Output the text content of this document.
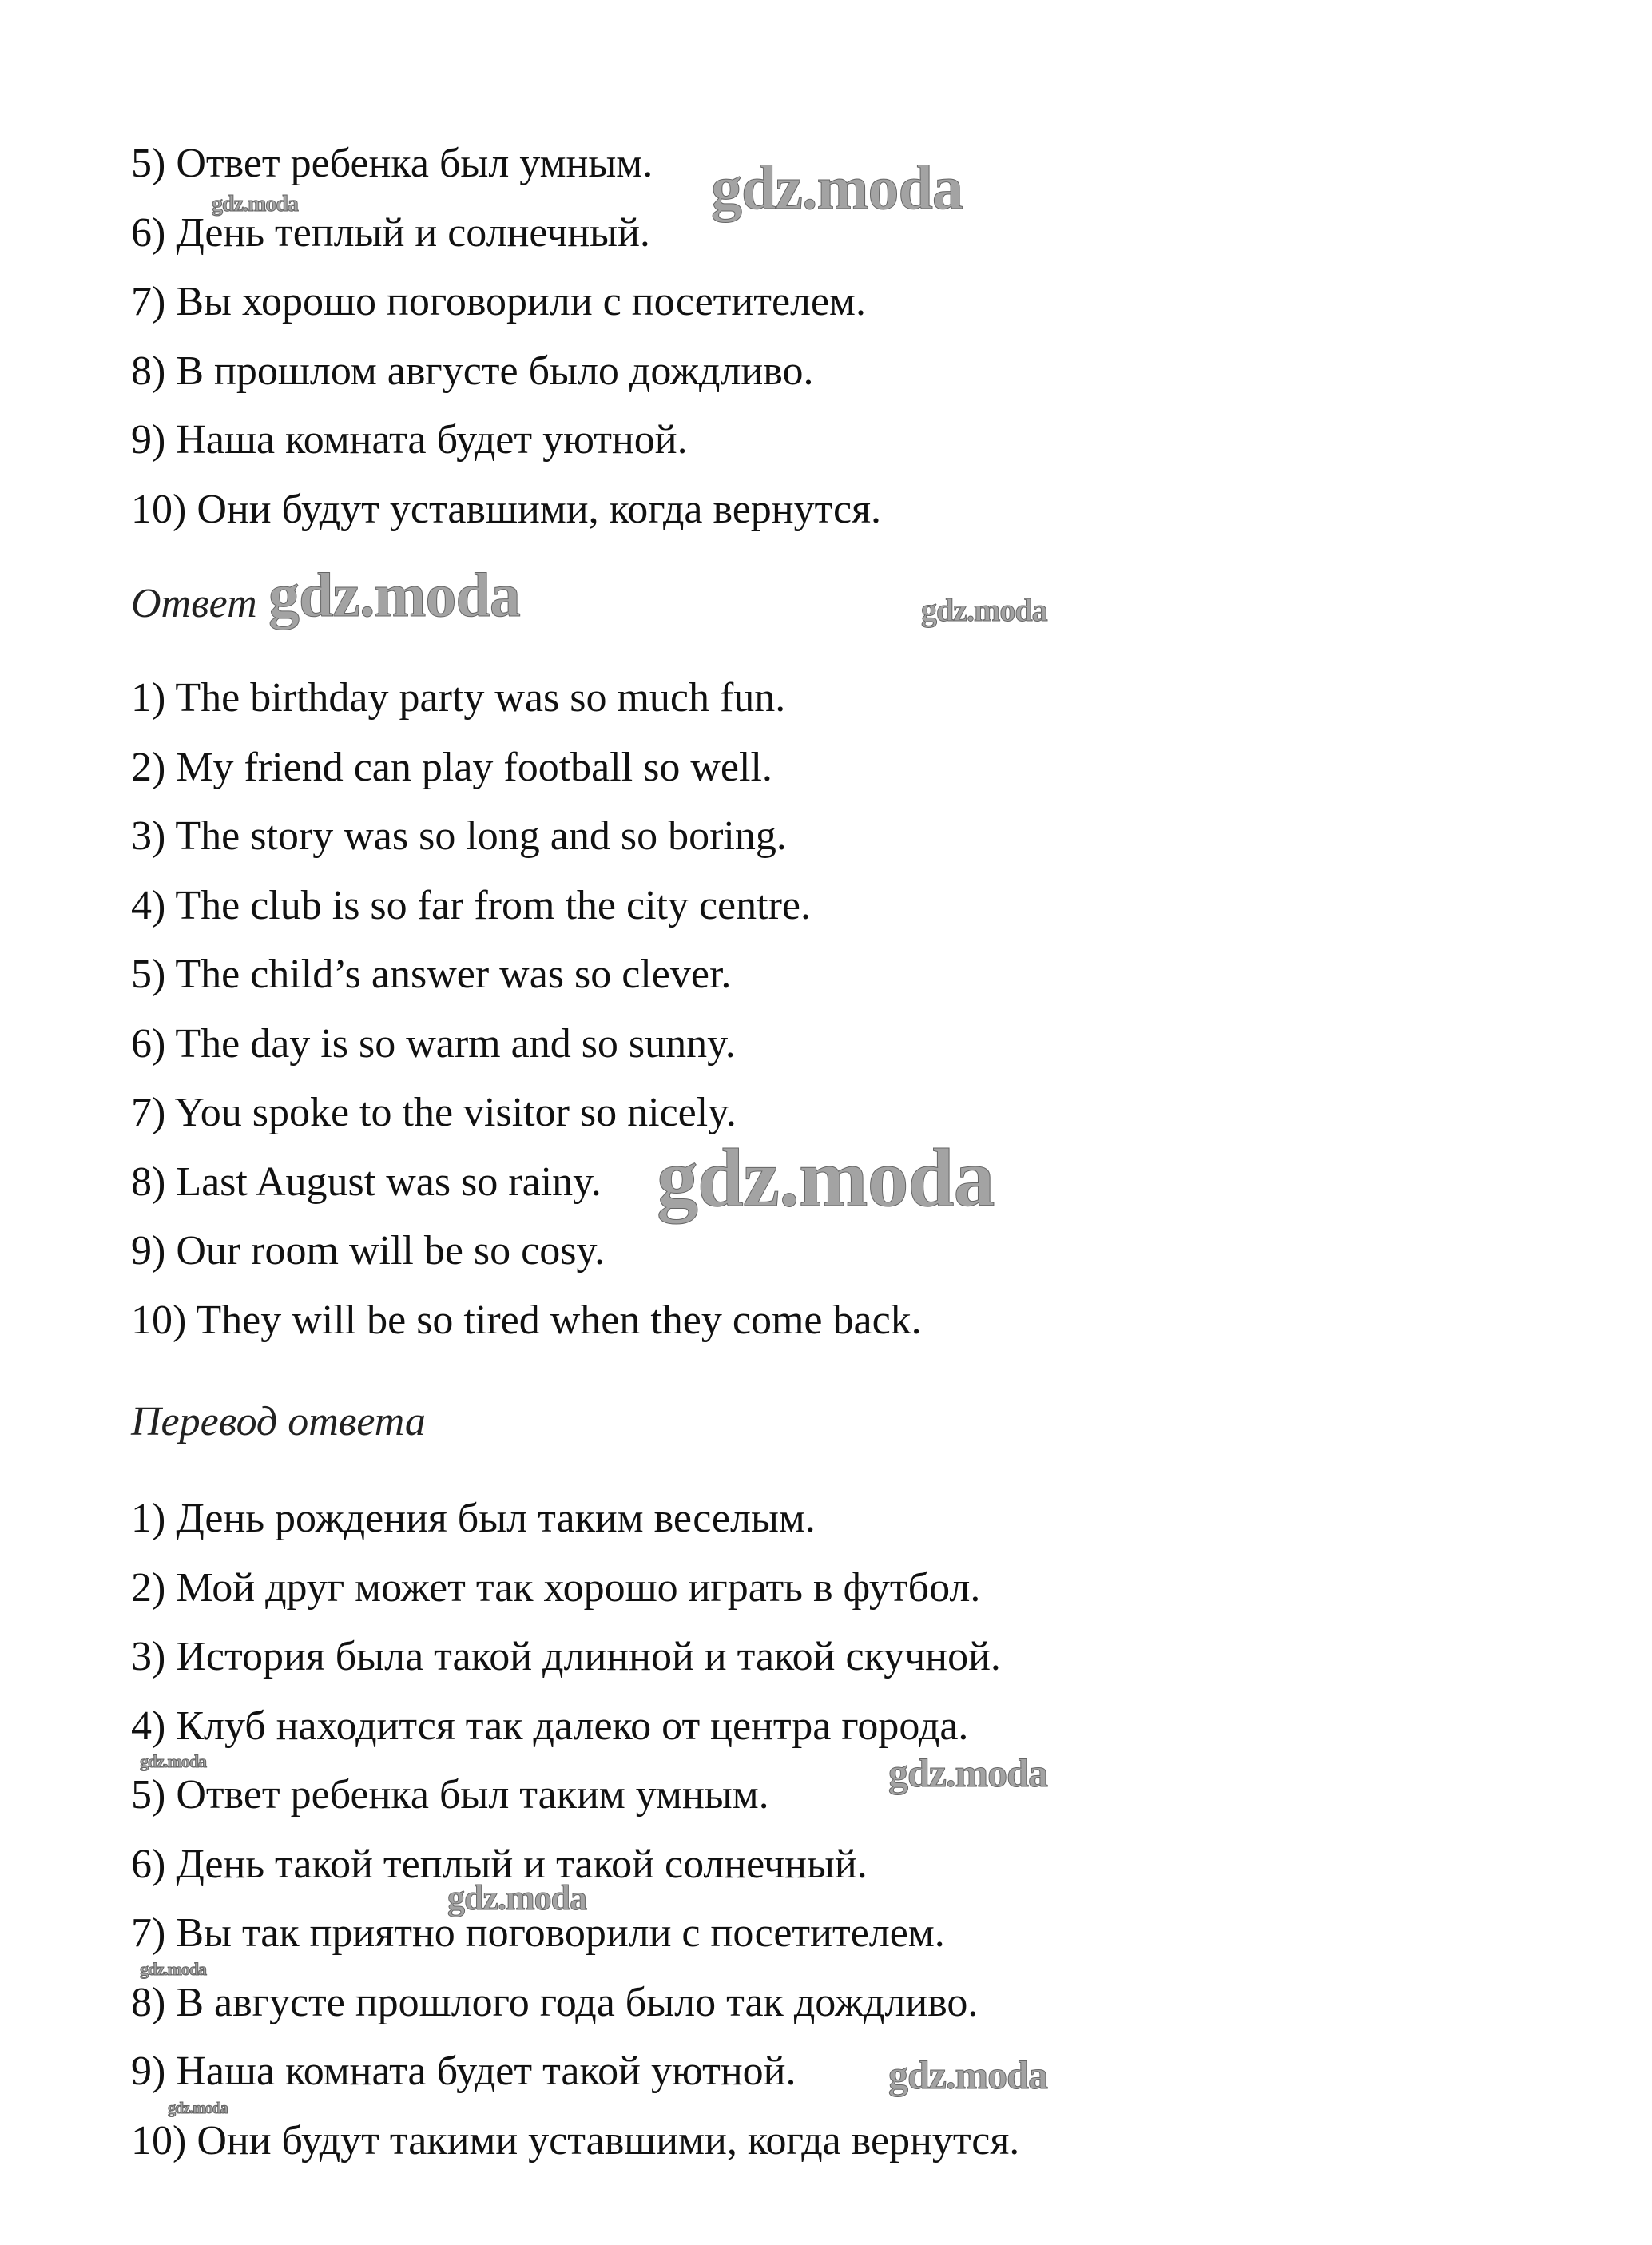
5) Ответ ребенка был умным.
6) День теплый и солнечный.
7) Вы хорошо поговорили с посетителем.
8) В прошлом августе было дождливо.
9) Наша комната будет уютной.
10) Они будут уставшими, когда вернутся.
Ответ
1) The birthday party was so much fun.
2) My friend can play football so well.
3) The story was so long and so boring.
4) The club is so far from the city centre.
5) The child’s answer was so clever.
6) The day is so warm and so sunny.
7) You spoke to the visitor so nicely.
8) Last August was so rainy.
9) Our room will be so cosy.
10) They will be so tired when they come back.
Перевод ответа
1) День рождения был таким веселым.
2) Мой друг может так хорошо играть в футбол.
3) История была такой длинной и такой скучной.
4) Клуб находится так далеко от центра города.
5) Ответ ребенка был таким умным.
6) День такой теплый и такой солнечный.
7) Вы так приятно поговорили с посетителем.
8) В августе прошлого года было так дождливо.
9) Наша комната будет такой уютной.
10) Они будут такими уставшими, когда вернутся.
gdz.moda
gdz.moda
gdz.moda	gdz.moda
gdz.moda
gdz.moda
gdz.moda
gdz.moda
gdz.moda
gdz.moda
gdz.moda
